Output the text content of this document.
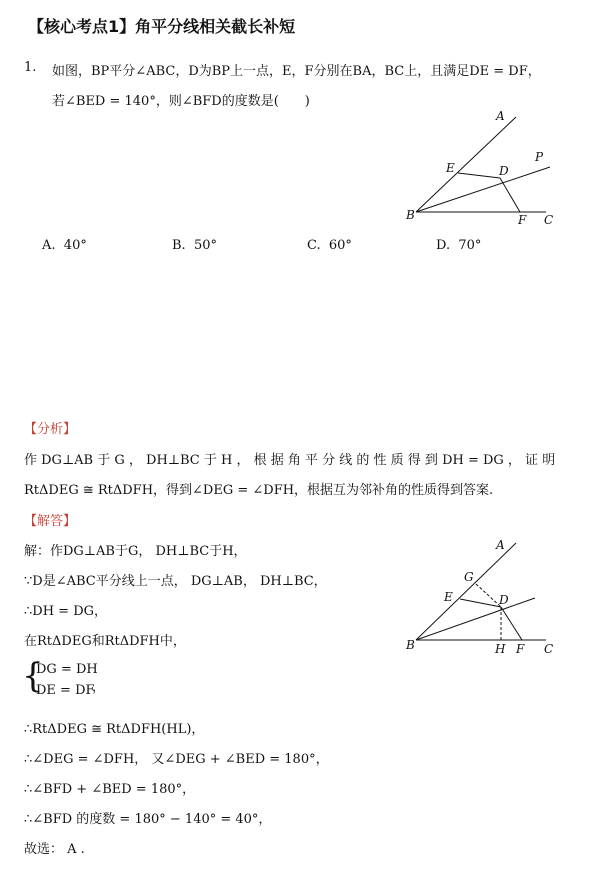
【核心考点1】角平分线相关截长补短
1. 如图，BP平分∠ABC，D为BP上一点，E，F分别在BA，BC上，且满足DE = DF，
若∠BED = 140°，则∠BFD的度数是(　　)
A
P
E	D
B	F C
A. 40°	B. 50°	C. 60°	D. 70°
【分析】
作 DG⊥AB 于 G ， DH⊥BC 于 H ， 根 据 角 平 分 线 的 性 质 得 到 DH = DG ， 证 明
RtΔDEG ≅ RtΔDFH，得到∠DEG = ∠DFH，根据互为邻补角的性质得到答案.
【解答】
解：作DG⊥AB于G， DH⊥BC于H，
∵D是∠ABC平分线上一点， DG⊥AB， DH⊥BC，
∴DH = DG，
在RtΔDEG和RtΔDFH中，
{
DG = DH
DE = DF
，
∴RtΔDEG ≅ RtΔDFH(HL)，
∴∠DEG = ∠DFH， 又∠DEG + ∠BED = 180°，
∴∠BFD + ∠BED = 180°，
∴∠BFD 的度数 = 180° − 140° = 40°，
故选： A .
A
G
E	D
B	H F C
